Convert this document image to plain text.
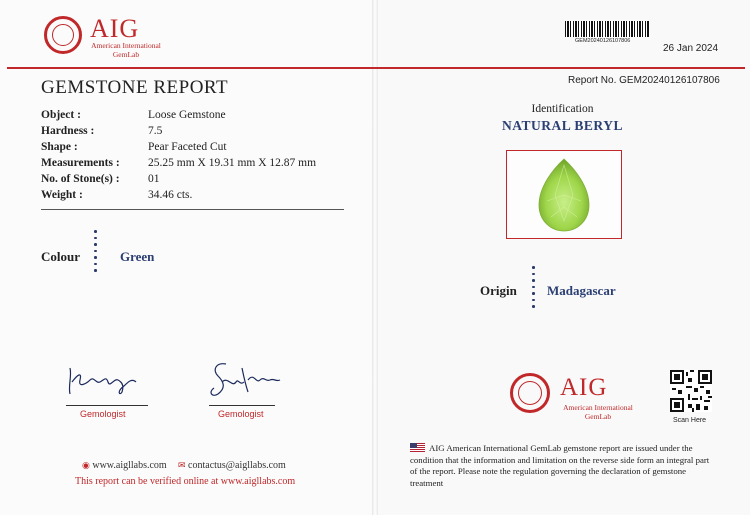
AIG
American International
GemLab
GEMSTONE REPORT
Object :	Loose Gemstone
Hardness :	7.5
Shape :	Pear Faceted Cut
Measurements :	25.25 mm X 19.31 mm X 12.87 mm
No. of Stone(s) :	01
Weight :	34.46 cts.
Colour	Green
Gemologist	Gemologist
◉ www.aigllabs.com ✉ contactus@aigllabs.com
This report can be verified online at www.aigllabs.com
GEM20240126107806
26 Jan 2024
Report No. GEM20240126107806
Identification
NATURAL BERYL
Origin Madagascar
AIG
American International
GemLab	Scan Here
AIG American International GemLab gemstone report are issued under the condition that the information and limitation on the reverse side form an integral part of the report. Please note the regulation governing the declaration of gemstone treatment
